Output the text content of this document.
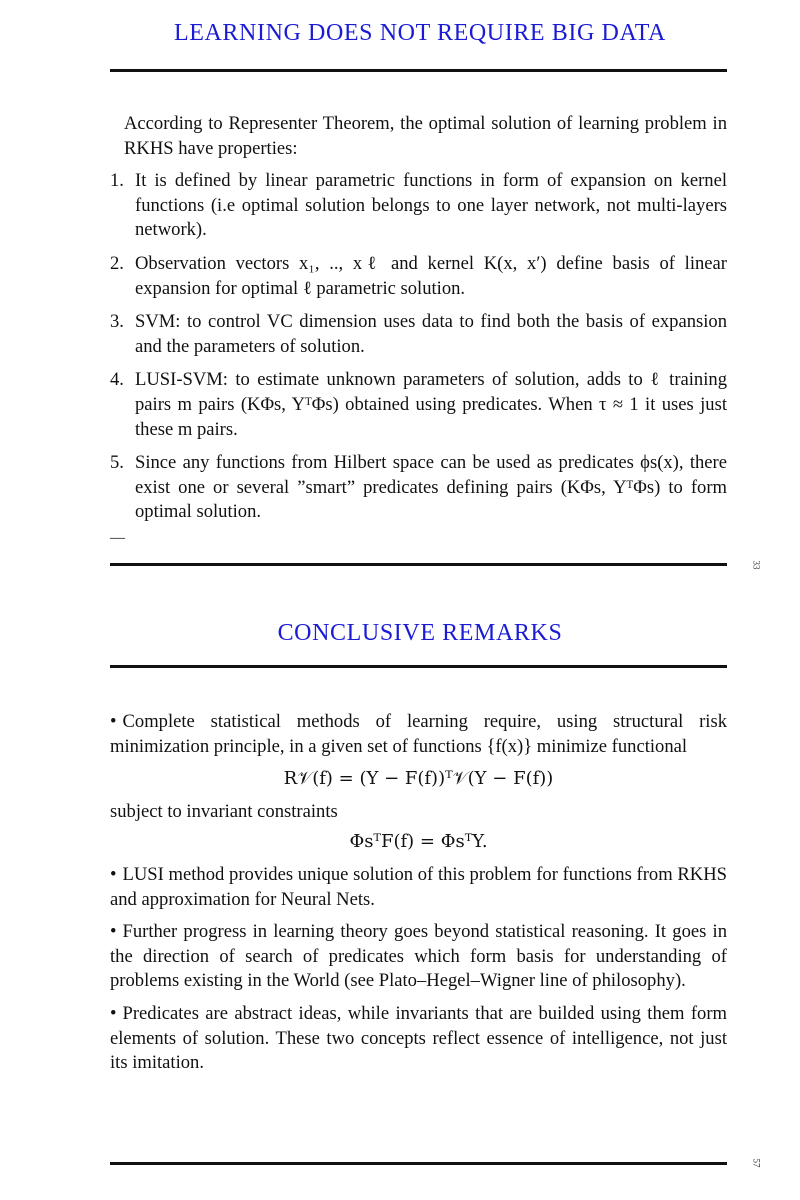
LEARNING DOES NOT REQUIRE BIG DATA

According to Representer Theorem, the optimal solution of learning problem in RKHS have properties:

1. It is defined by linear parametric functions in form of expansion on kernel functions (i.e optimal solution belongs to one layer network, not multi-layers network).
2. Observation vectors x₁, .., xℓ and kernel K(x, x′) define basis of linear expansion for optimal ℓ parametric solution.
3. SVM: to control VC dimension uses data to find both the basis of expansion and the parameters of solution.
4. LUSI-SVM: to estimate unknown parameters of solution, adds to ℓ training pairs m pairs (KΦs, YᵀΦs) obtained using predicates. When τ ≈ 1 it uses just these m pairs.
5. Since any functions from Hilbert space can be used as predicates ϕs(x), there exist one or several ”smart” predicates defining pairs (KΦs, YᵀΦs) to form optimal solution.
—
33
CONCLUSIVE REMARKS

• Complete statistical methods of learning require, using structural risk minimization principle, in a given set of functions {f(x)} minimize functional

R𝒱(f) = (Y − F(f))ᵀ𝒱(Y − F(f))

subject to invariant constraints

ΦsᵀF(f) = ΦsᵀY.

• LUSI method provides unique solution of this problem for functions from RKHS and approximation for Neural Nets.

• Further progress in learning theory goes beyond statistical reasoning. It goes in the direction of search of predicates which form basis for understanding of problems existing in the World (see Plato–Hegel–Wigner line of philosophy).

• Predicates are abstract ideas, while invariants that are builded using them form elements of solution. These two concepts reflect essence of intelligence, not just its imitation.

57
